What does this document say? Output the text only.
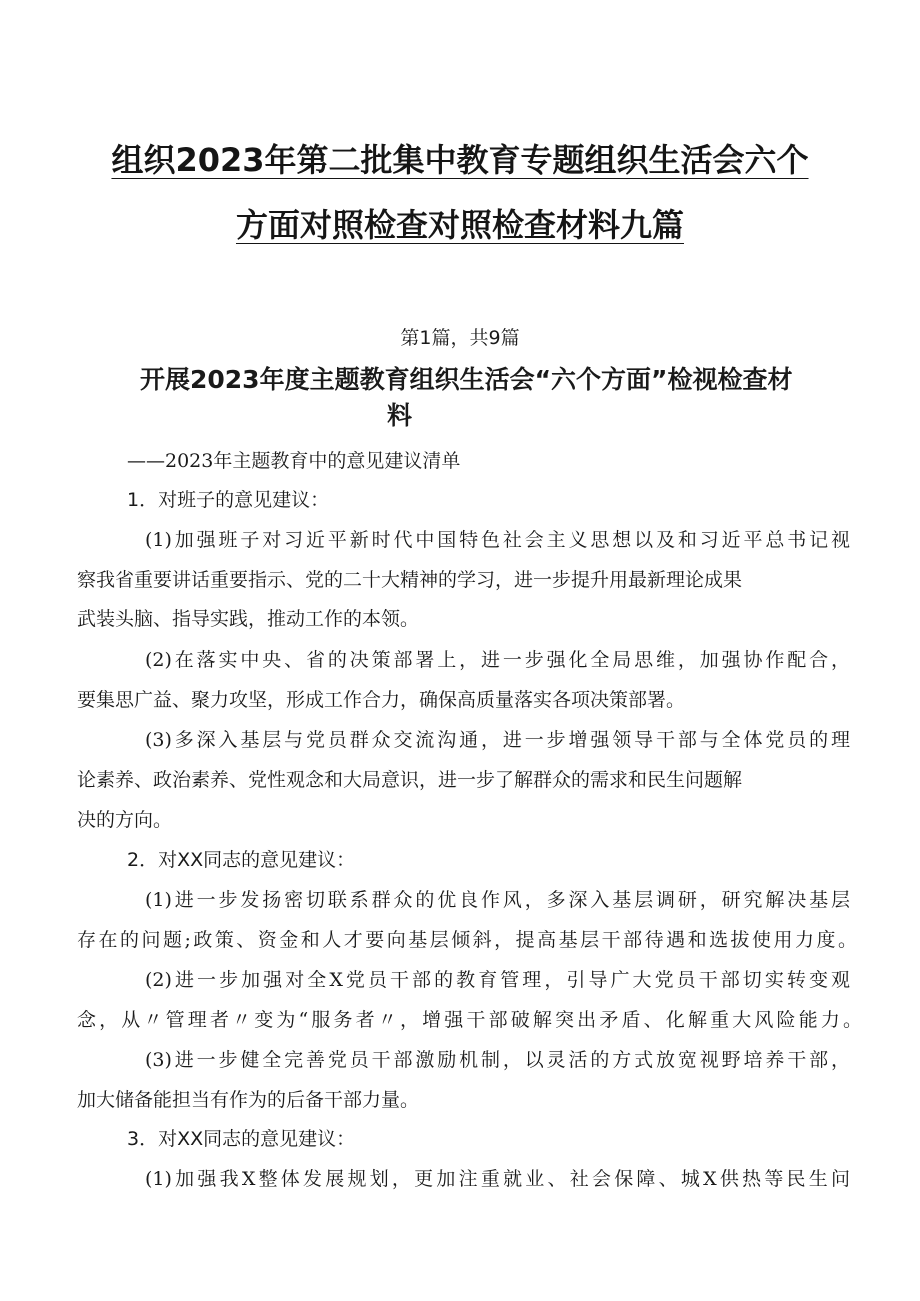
组织2023年第二批集中教育专题组织生活会六个
方面对照检查对照检查材料九篇
第1篇，共9篇
开展2023年度主题教育组织生活会“六个方面”检视检查材
料
——2023年主题教育中的意见建议清单
1．对班子的意见建议：
(1)加强班子对习近平新时代中国特色社会主义思想以及和习近平总书记视
察我省重要讲话重要指示、党的二十大精神的学习，进一步提升用最新理论成果
武装头脑、指导实践，推动工作的本领。
(2)在落实中央、省的决策部署上，进一步强化全局思维，加强协作配合，
要集思广益、聚力攻坚，形成工作合力，确保高质量落实各项决策部署。
(3)多深入基层与党员群众交流沟通，进一步增强领导干部与全体党员的理
论素养、政治素养、党性观念和大局意识，进一步了解群众的需求和民生问题解
决的方向。
2．对XX同志的意见建议：
(1)进一步发扬密切联系群众的优良作风，多深入基层调研，研究解决基层
存在的问题;政策、资金和人才要向基层倾斜，提高基层干部待遇和选拔使用力度。
(2)进一步加强对全X党员干部的教育管理，引导广大党员干部切实转变观
念，从〃管理者〃变为“服务者〃，增强干部破解突出矛盾、化解重大风险能力。
(3)进一步健全完善党员干部激励机制，以灵活的方式放宽视野培养干部，
加大储备能担当有作为的后备干部力量。
3．对XX同志的意见建议：
(1)加强我X整体发展规划，更加注重就业、社会保障、城X供热等民生问
